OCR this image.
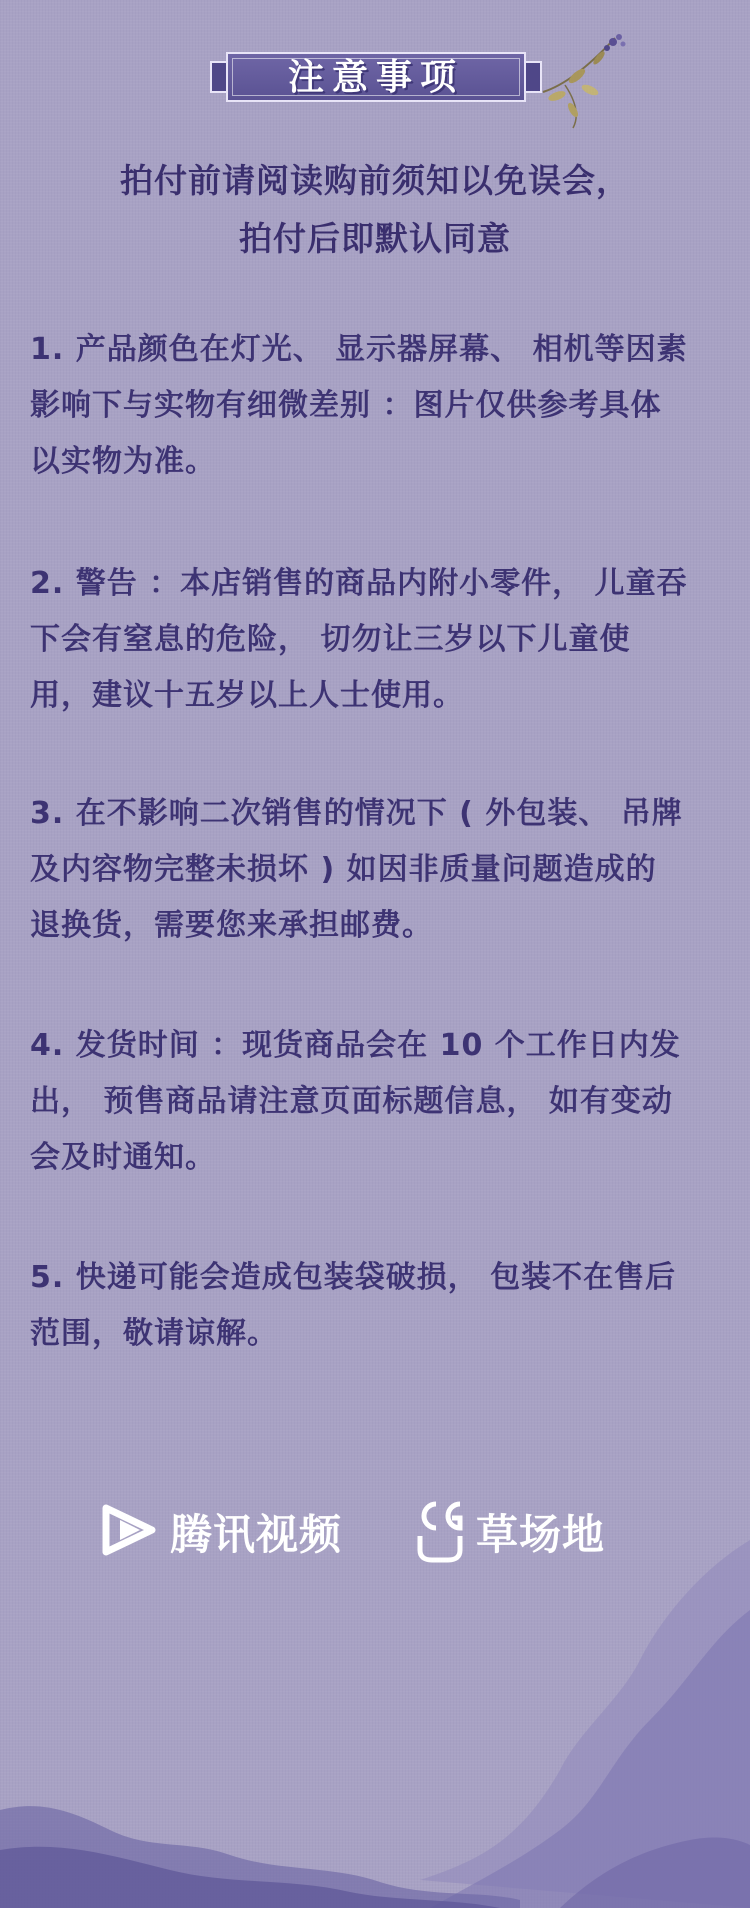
注意事项
拍付前请阅读购前须知以免误会，
拍付后即默认同意
1. 产品颜色在灯光、 显示器屏幕、 相机等因素
影响下与实物有细微差别 ：图片仅供参考具体
以实物为准。
2. 警告 ：本店销售的商品内附小零件， 儿童吞
下会有窒息的危险， 切勿让三岁以下儿童使
用，建议十五岁以上人士使用。
3. 在不影响二次销售的情况下 ( 外包装、 吊牌
及内容物完整未损坏 ) 如因非质量问题造成的
退换货，需要您来承担邮费。
4. 发货时间 ：现货商品会在 10 个工作日内发
出， 预售商品请注意页面标题信息， 如有变动
会及时通知。
5. 快递可能会造成包装袋破损， 包装不在售后
范围，敬请谅解。
腾讯视频	草场地
